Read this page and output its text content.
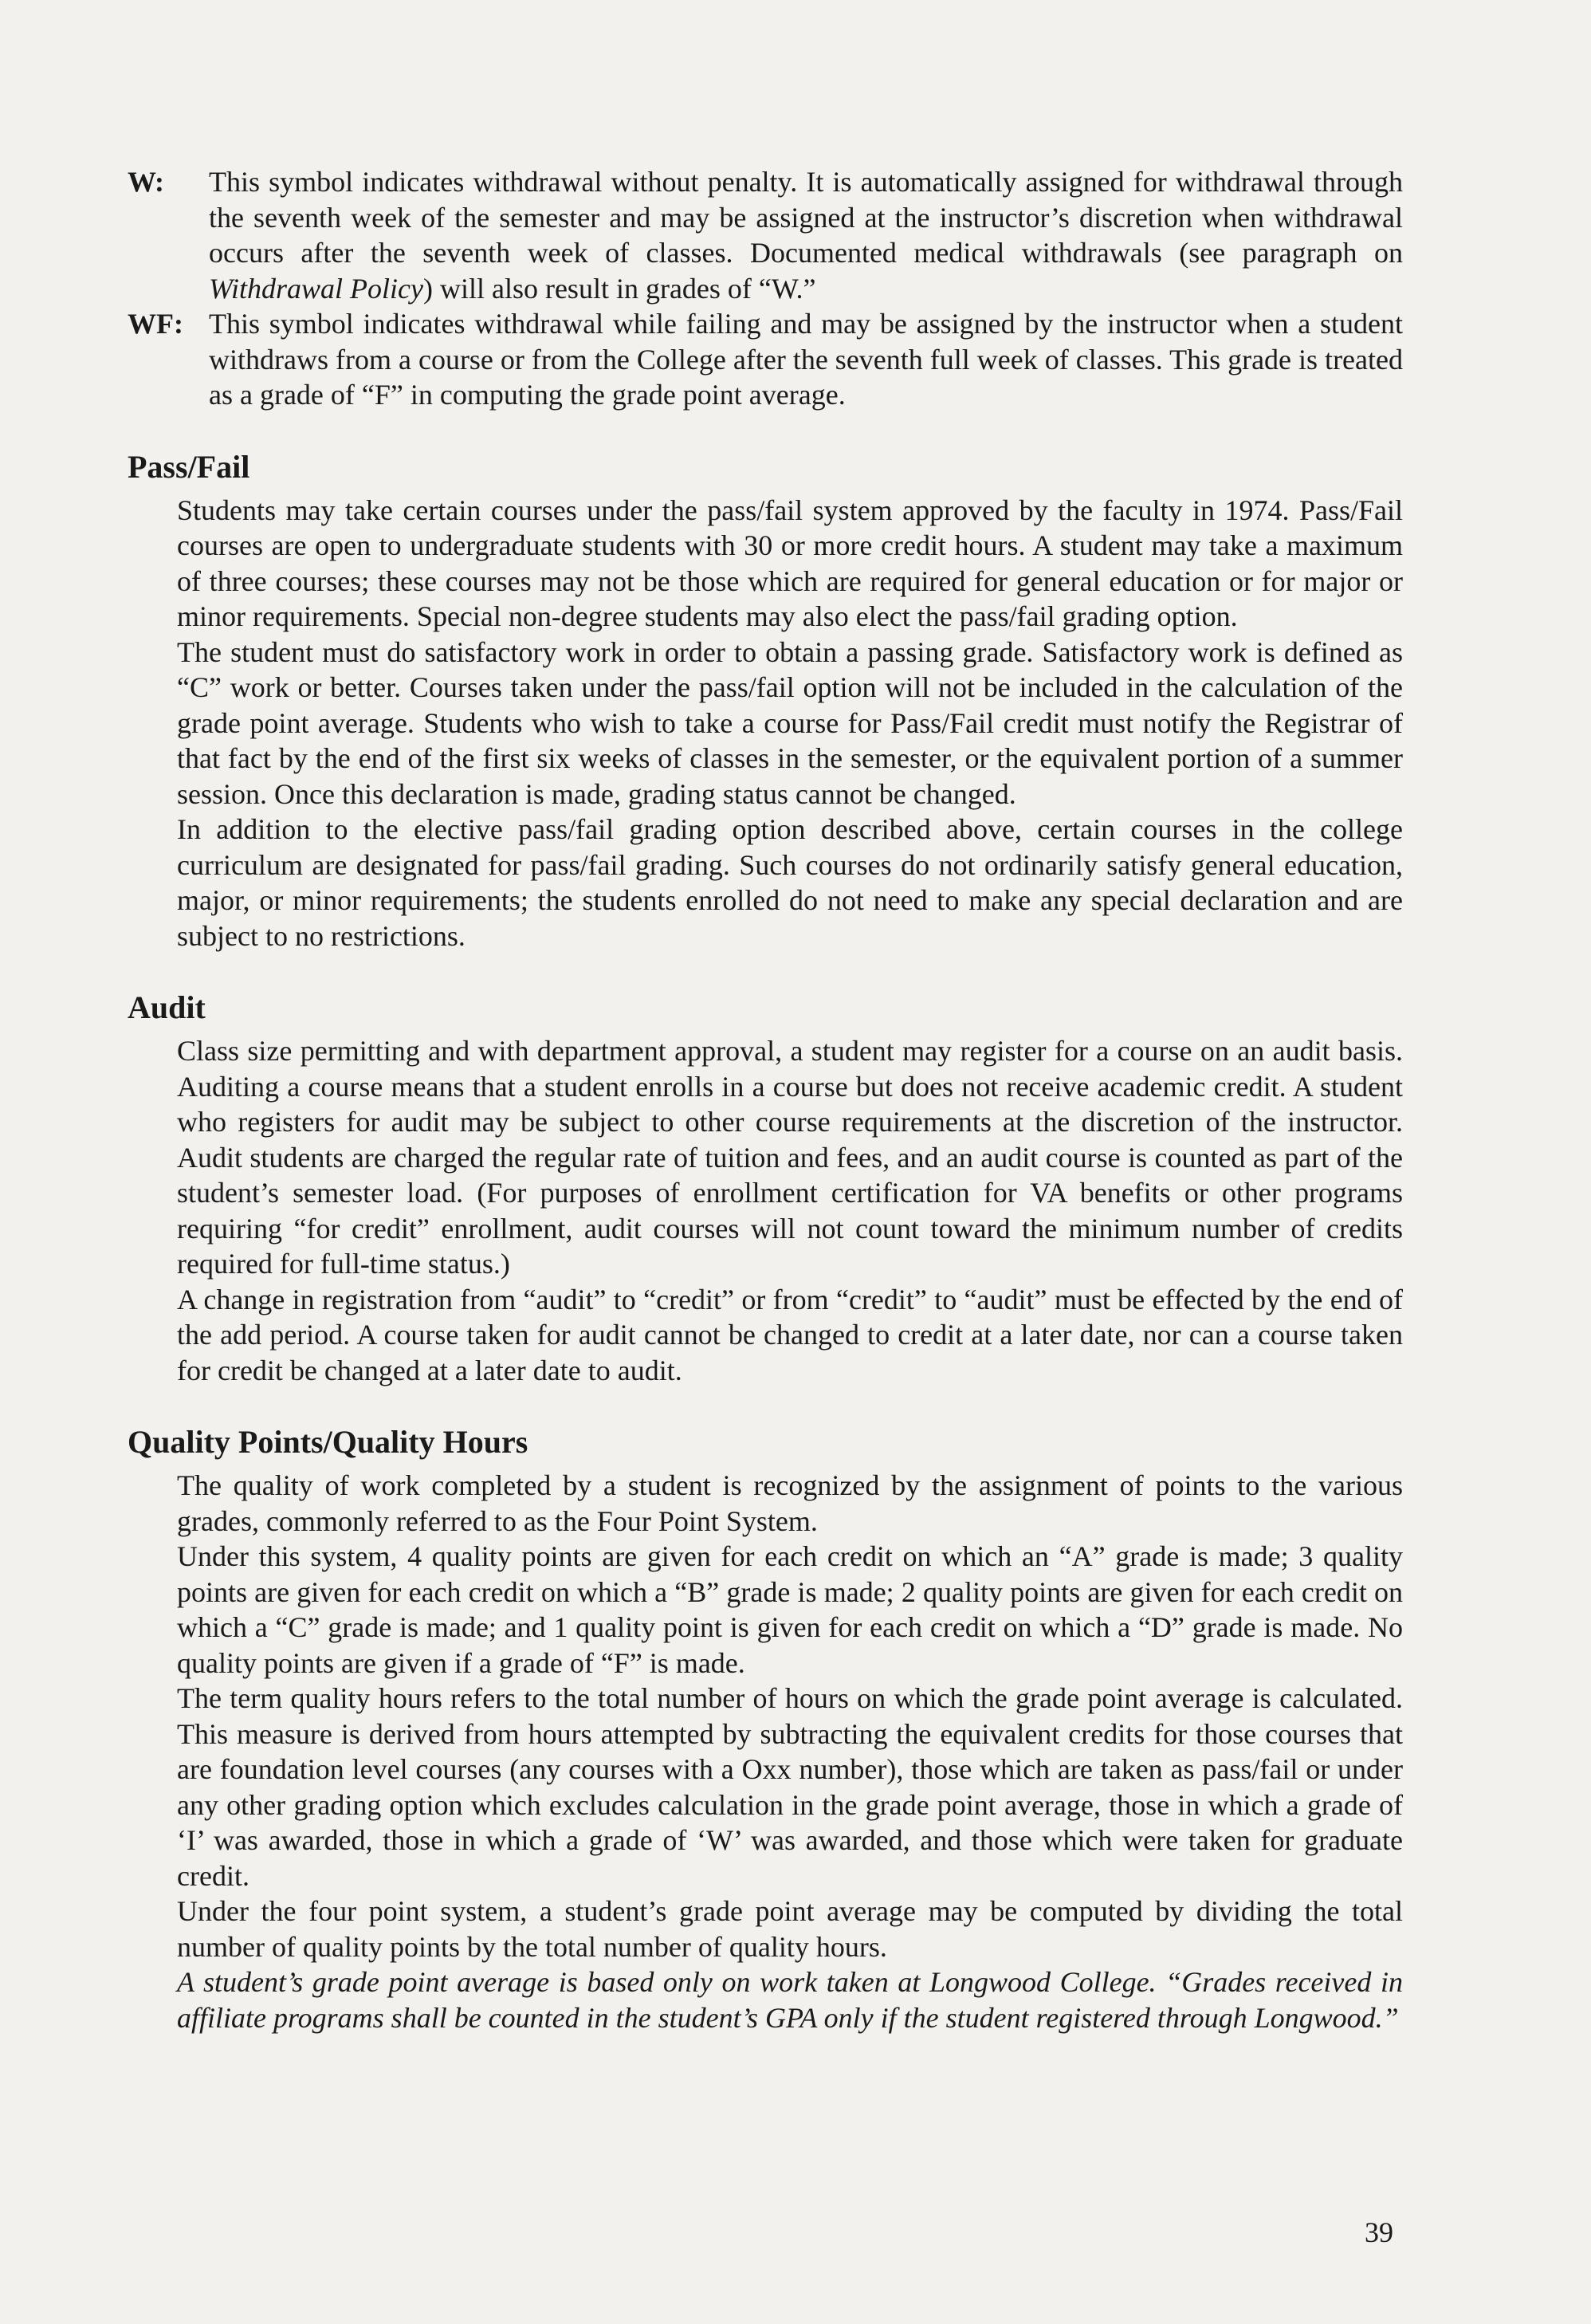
W:	This symbol indicates withdrawal without penalty. It is automatically assigned for withdrawal through the seventh week of the semester and may be assigned at the instructor’s discretion when withdrawal occurs after the seventh week of classes. Documented medical withdrawals (see paragraph on Withdrawal Policy) will also result in grades of “W.”
WF: This symbol indicates withdrawal while failing and may be assigned by the instructor when a student withdraws from a course or from the College after the seventh full week of classes. This grade is treated as a grade of “F” in computing the grade point average.
Pass/Fail

Students may take certain courses under the pass/fail system approved by the faculty in 1974. Pass/Fail courses are open to undergraduate students with 30 or more credit hours. A student may take a maximum of three courses; these courses may not be those which are required for general education or for major or minor requirements. Special non-degree students may also elect the pass/fail grading option.

The student must do satisfactory work in order to obtain a passing grade. Satisfactory work is defined as “C” work or better. Courses taken under the pass/fail option will not be included in the calculation of the grade point average. Students who wish to take a course for Pass/Fail credit must notify the Registrar of that fact by the end of the first six weeks of classes in the semester, or the equivalent portion of a summer session. Once this declaration is made, grading status cannot be changed.

In addition to the elective pass/fail grading option described above, certain courses in the college curriculum are designated for pass/fail grading. Such courses do not ordinarily satisfy general education, major, or minor requirements; the students enrolled do not need to make any special declaration and are subject to no restrictions.

Audit

Class size permitting and with department approval, a student may register for a course on an audit basis. Auditing a course means that a student enrolls in a course but does not receive academic credit. A student who registers for audit may be subject to other course requirements at the discretion of the instructor. Audit students are charged the regular rate of tuition and fees, and an audit course is counted as part of the student’s semester load. (For purposes of enrollment certification for VA benefits or other programs requiring “for credit” enrollment, audit courses will not count toward the minimum number of credits required for full-time status.)

A change in registration from “audit” to “credit” or from “credit” to “audit” must be effected by the end of the add period. A course taken for audit cannot be changed to credit at a later date, nor can a course taken for credit be changed at a later date to audit.

Quality Points/Quality Hours

The quality of work completed by a student is recognized by the assignment of points to the various grades, commonly referred to as the Four Point System.

Under this system, 4 quality points are given for each credit on which an “A” grade is made; 3 quality points are given for each credit on which a “B” grade is made; 2 quality points are given for each credit on which a “C” grade is made; and 1 quality point is given for each credit on which a “D” grade is made. No quality points are given if a grade of “F” is made.

The term quality hours refers to the total number of hours on which the grade point average is calculated. This measure is derived from hours attempted by subtracting the equivalent credits for those courses that are foundation level courses (any courses with a Oxx number), those which are taken as pass/fail or under any other grading option which excludes calculation in the grade point average, those in which a grade of ‘I’ was awarded, those in which a grade of ‘W’ was awarded, and those which were taken for graduate credit.

Under the four point system, a student’s grade point average may be computed by dividing the total number of quality points by the total number of quality hours.

A student’s grade point average is based only on work taken at Longwood College. “Grades received in affiliate programs shall be counted in the student’s GPA only if the student registered through Longwood.”

39
